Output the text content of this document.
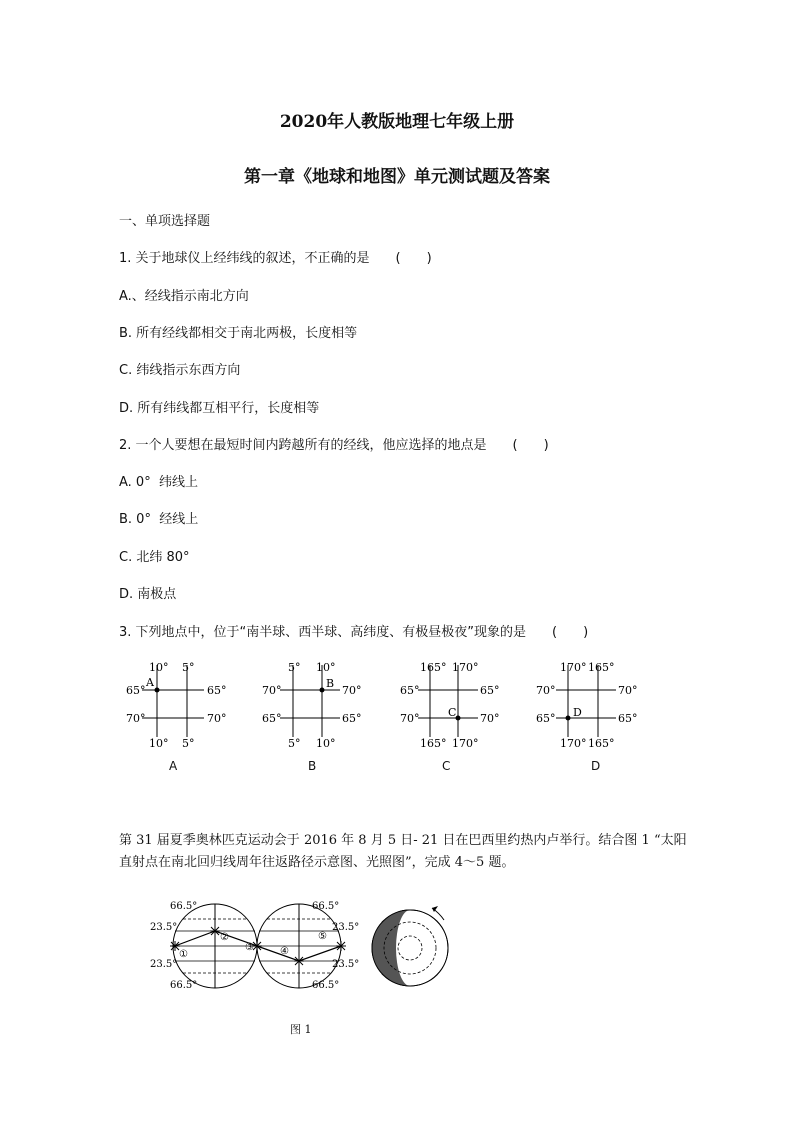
2020年人教版地理七年级上册
第一章《地球和地图》单元测试题及答案
一、单项选择题
1. 关于地球仪上经纬线的叙述，不正确的是　　(　　)
A.、经线指示南北方向
B. 所有经线都相交于南北两极，长度相等
C. 纬线指示东西方向
D. 所有纬线都互相平行，长度相等
2. 一个人要想在最短时间内跨越所有的经线，他应选择的地点是　　(　　)
A. 0°  纬线上
B. 0°  经线上
C. 北纬 80°
D. 南极点
3. 下列地点中，位于“南半球、西半球、高纬度、有极昼极夜”现象的是　　(　　)
10° 5°
65°
70°
65°
70°
10° 5°
A
5° 10°
70°
65°
70°
65°
5° 10°
B
165° 170°
65°
70°
65°
70°
165° 170°
C
170° 165°
70°
65°
70°
65°
170° 165°
D
A	B	C	D
第 31 届夏季奥林匹克运动会于 2016 年 8 月 5 日- 21 日在巴西里约热内卢举行。结合图 1 “太阳直射点在南北回归线周年往返路径示意图、光照图”，完成 4～5 题。
66.5°
23.5°
23.5°
66.5°
66.5°
23.5°
23.5°
66.5°
①
②
③	④
⑤
图 1
